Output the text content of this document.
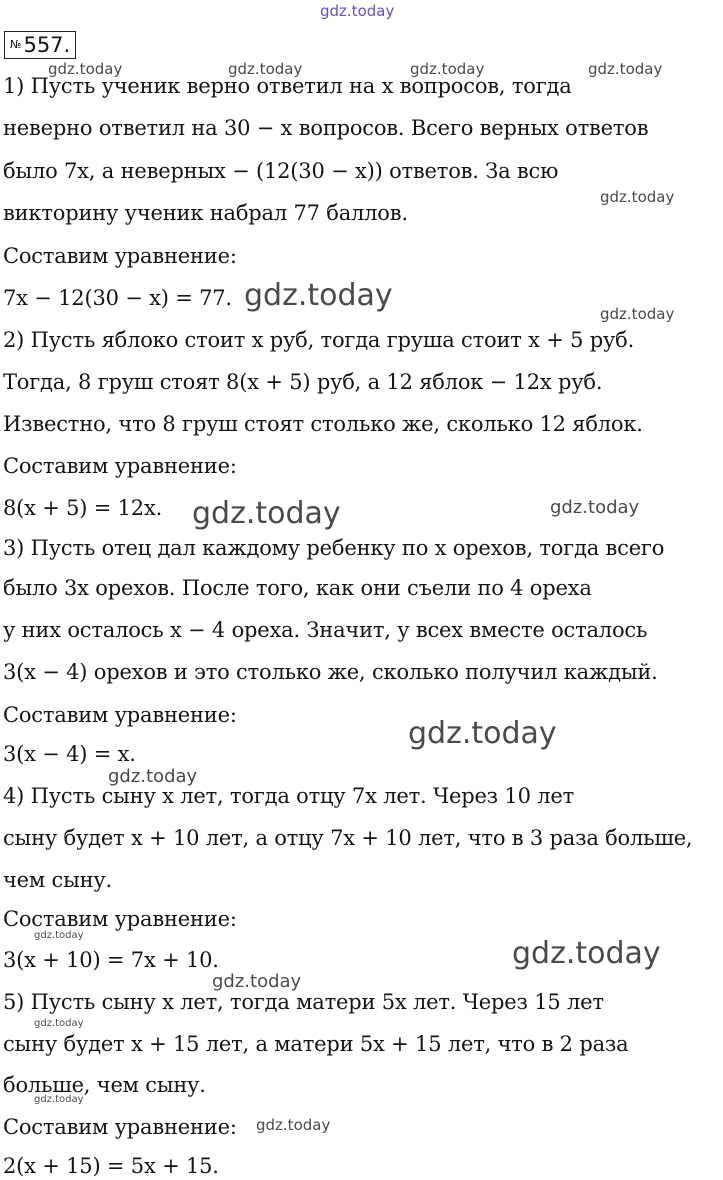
gdz.today
№557.
1) Пусть ученик верно ответил на x вопросов, тогда
неверно ответил на 30 − x вопросов. Всего верных ответов
было 7x, а неверных − (12(30 − x)) ответов. За всю
викторину ученик набрал 77 баллов.
Составим уравнение:
7x − 12(30 − x) = 77.
2) Пусть яблоко стоит x руб, тогда груша стоит x + 5 руб.
Тогда, 8 груш стоят 8(x + 5) руб, а 12 яблок − 12x руб.
Известно, что 8 груш стоят столько же, сколько 12 яблок.
Составим уравнение:
8(x + 5) = 12x.
3) Пусть отец дал каждому ребенку по x орехов, тогда всего
было 3x орехов. После того, как они съели по 4 ореха
у них осталось x − 4 ореха. Значит, у всех вместе осталось
3(x − 4) орехов и это столько же, сколько получил каждый.
Составим уравнение:
3(x − 4) = x.
4) Пусть сыну x лет, тогда отцу 7x лет. Через 10 лет
сыну будет x + 10 лет, а отцу 7x + 10 лет, что в 3 раза больше,
чем сыну.
Составим уравнение:
3(x + 10) = 7x + 10.
5) Пусть сыну x лет, тогда матери 5x лет. Через 15 лет
сыну будет x + 15 лет, а матери 5x + 15 лет, что в 2 раза
больше, чем сыну.
Составим уравнение:
2(x + 15) = 5x + 15.
gdz.today	gdz.today	gdz.today	gdz.today
gdz.today
gdz.today
gdz.today
gdz.today	gdz.today
gdz.today
gdz.today
gdz.today
gdz.today
gdz.today
gdz.today
gdz.today
gdz.today
